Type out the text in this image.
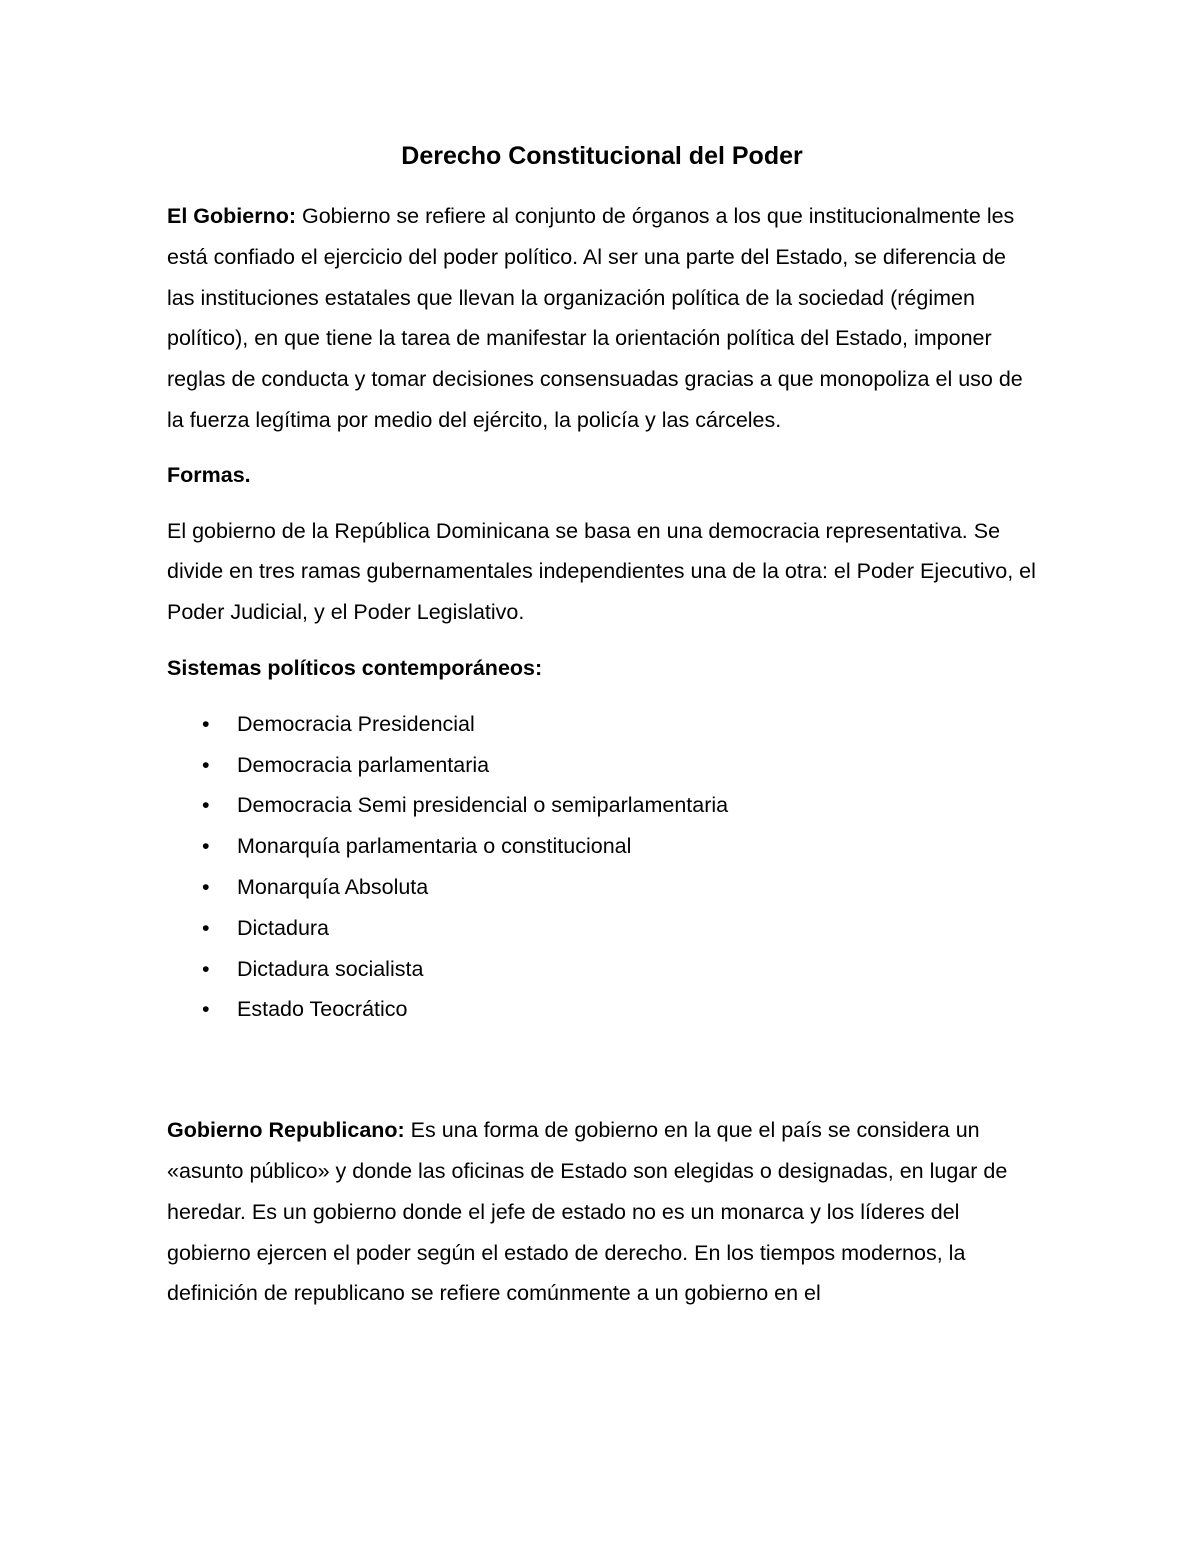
Derecho Constitucional del Poder

El Gobierno: Gobierno se refiere al conjunto de órganos a los que institucionalmente les está confiado el ejercicio del poder político. Al ser una parte del Estado, se diferencia de las instituciones estatales que llevan la organización política de la sociedad (régimen político), en que tiene la tarea de manifestar la orientación política del Estado, imponer reglas de conducta y tomar decisiones consensuadas gracias a que monopoliza el uso de la fuerza legítima por medio del ejército, la policía y las cárceles.

Formas.

El gobierno de la República Dominicana se basa en una democracia representativa. Se divide en tres ramas gubernamentales independientes una de la otra: el Poder Ejecutivo, el Poder Judicial, y el Poder Legislativo.

Sistemas políticos contemporáneos:

• Democracia Presidencial
• Democracia parlamentaria
• Democracia Semi presidencial o semiparlamentaria
• Monarquía parlamentaria o constitucional
• Monarquía Absoluta
• Dictadura
• Dictadura socialista
• Estado Teocrático

Gobierno Republicano: Es una forma de gobierno en la que el país se considera un «asunto público» y donde las oficinas de Estado son elegidas o designadas, en lugar de heredar. Es un gobierno donde el jefe de estado no es un monarca y los líderes del gobierno ejercen el poder según el estado de derecho. En los tiempos modernos, la definición de republicano se refiere comúnmente a un gobierno en el
